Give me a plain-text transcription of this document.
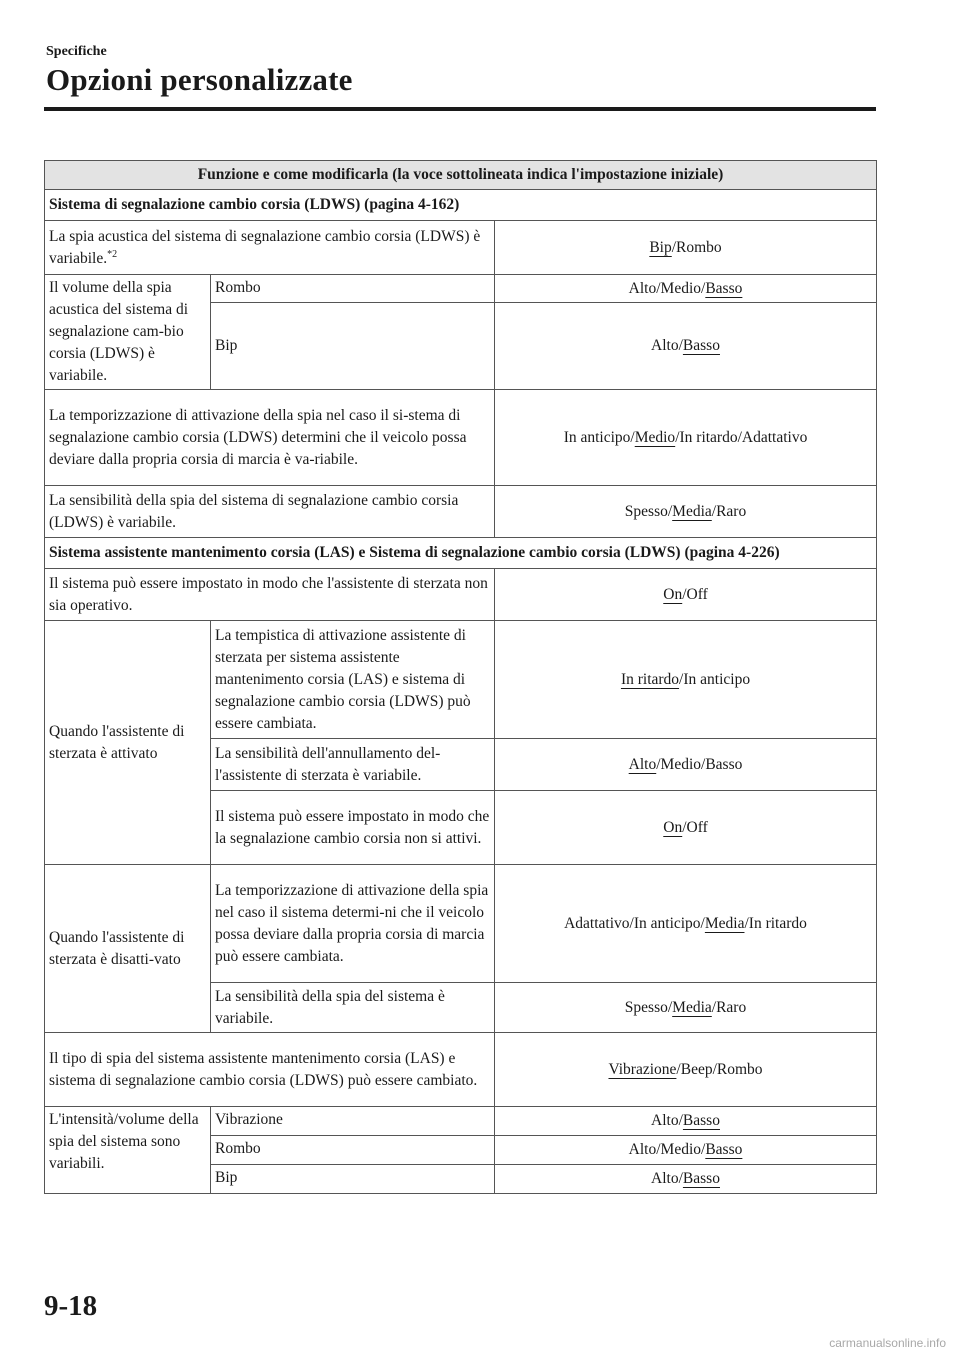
Specifiche
Opzioni personalizzate
Funzione e come modificarla (la voce sottolineata indica l'impostazione iniziale)		
Sistema di segnalazione cambio corsia (LDWS) (pagina 4-162)		
La spia acustica del sistema di segnalazione cambio corsia (LDWS) è variabile.$^{*2}$		Bip/Rombo
Il volume della spia acustica del sistema di segnalazione cam-bio corsia (LDWS) è variabile.	Rombo	Alto/Medio/Basso
	Bip	Alto/Basso
La temporizzazione di attivazione della spia nel caso il si-stema di segnalazione cambio corsia (LDWS) determini che il veicolo possa deviare dalla propria corsia di marcia è va-riabile.		In anticipo/Medio/In ritardo/Adattativo
La sensibilità della spia del sistema di segnalazione cambio corsia (LDWS) è variabile.		Spesso/Media/Raro
Sistema assistente mantenimento corsia (LAS) e Sistema di segnalazione cambio corsia (LDWS) (pagina 4-226)		
Il sistema può essere impostato in modo che l'assistente di sterzata non sia operativo.		On/Off
Quando l'assistente di sterzata è attivato	La tempistica di attivazione assistente di sterzata per sistema assistente mantenimento corsia (LAS) e sistema di segnalazione cambio corsia (LDWS) può essere cambiata.	In ritardo/In anticipo
	La sensibilità dell'annullamento del-l'assistente di sterzata è variabile.	Alto/Medio/Basso
	Il sistema può essere impostato in modo che la segnalazione cambio corsia non si attivi.	On/Off
Quando l'assistente di sterzata è disatti-vato	La temporizzazione di attivazione della spia nel caso il sistema determi-ni che il veicolo possa deviare dalla propria corsia di marcia può essere cambiata.	Adattativo/In anticipo/Media/In ritardo
	La sensibilità della spia del sistema è variabile.	Spesso/Media/Raro
Il tipo di spia del sistema assistente mantenimento corsia (LAS) e sistema di segnalazione cambio corsia (LDWS) può essere cambiato.		Vibrazione/Beep/Rombo
L'intensità/volume della spia del sistema sono variabili.	Vibrazione	Alto/Basso
	Rombo	Alto/Medio/Basso
	Bip	Alto/Basso
9-18
carmanualsonline.info
